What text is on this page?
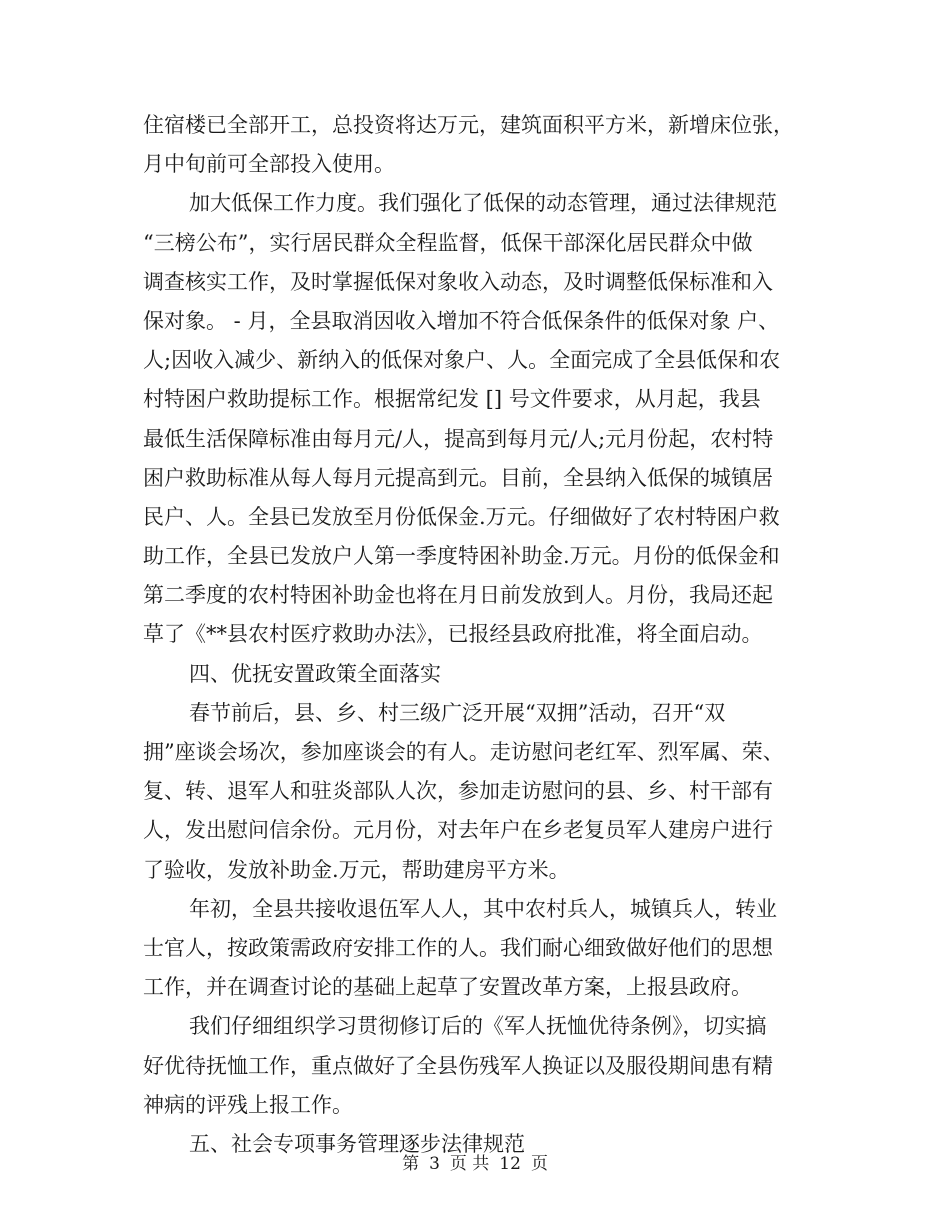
住宿楼已全部开工，总投资将达万元，建筑面积平方米，新增床位张，
月中旬前可全部投入使用。
加大低保工作力度。我们强化了低保的动态管理，通过法律规范
“三榜公布”，实行居民群众全程监督，低保干部深化居民群众中做
调查核实工作，及时掌握低保对象收入动态，及时调整低保标准和入
保对象。 - 月，全县取消因收入增加不符合低保条件的低保对象 户、
人;因收入减少、新纳入的低保对象户、人。全面完成了全县低保和农
村特困户救助提标工作。根据常纪发 [] 号文件要求，从月起，我县
最低生活保障标准由每月元/人，提高到每月元/人;元月份起，农村特
困户救助标准从每人每月元提高到元。目前，全县纳入低保的城镇居
民户、人。全县已发放至月份低保金.万元。仔细做好了农村特困户救
助工作，全县已发放户人第一季度特困补助金.万元。月份的低保金和
第二季度的农村特困补助金也将在月日前发放到人。月份，我局还起
草了《**县农村医疗救助办法》，已报经县政府批准，将全面启动。
四、优抚安置政策全面落实
春节前后，县、乡、村三级广泛开展“双拥”活动，召开“双
拥”座谈会场次，参加座谈会的有人。走访慰问老红军、烈军属、荣、
复、转、退军人和驻炎部队人次，参加走访慰问的县、乡、村干部有
人，发出慰问信余份。元月份，对去年户在乡老复员军人建房户进行
了验收，发放补助金.万元，帮助建房平方米。
年初，全县共接收退伍军人人，其中农村兵人，城镇兵人，转业
士官人，按政策需政府安排工作的人。我们耐心细致做好他们的思想
工作，并在调查讨论的基础上起草了安置改革方案，上报县政府。
我们仔细组织学习贯彻修订后的《军人抚恤优待条例》，切实搞
好优待抚恤工作，重点做好了全县伤残军人换证以及服役期间患有精
神病的评残上报工作。
五、社会专项事务管理逐步法律规范
第 3 页 共 12 页
